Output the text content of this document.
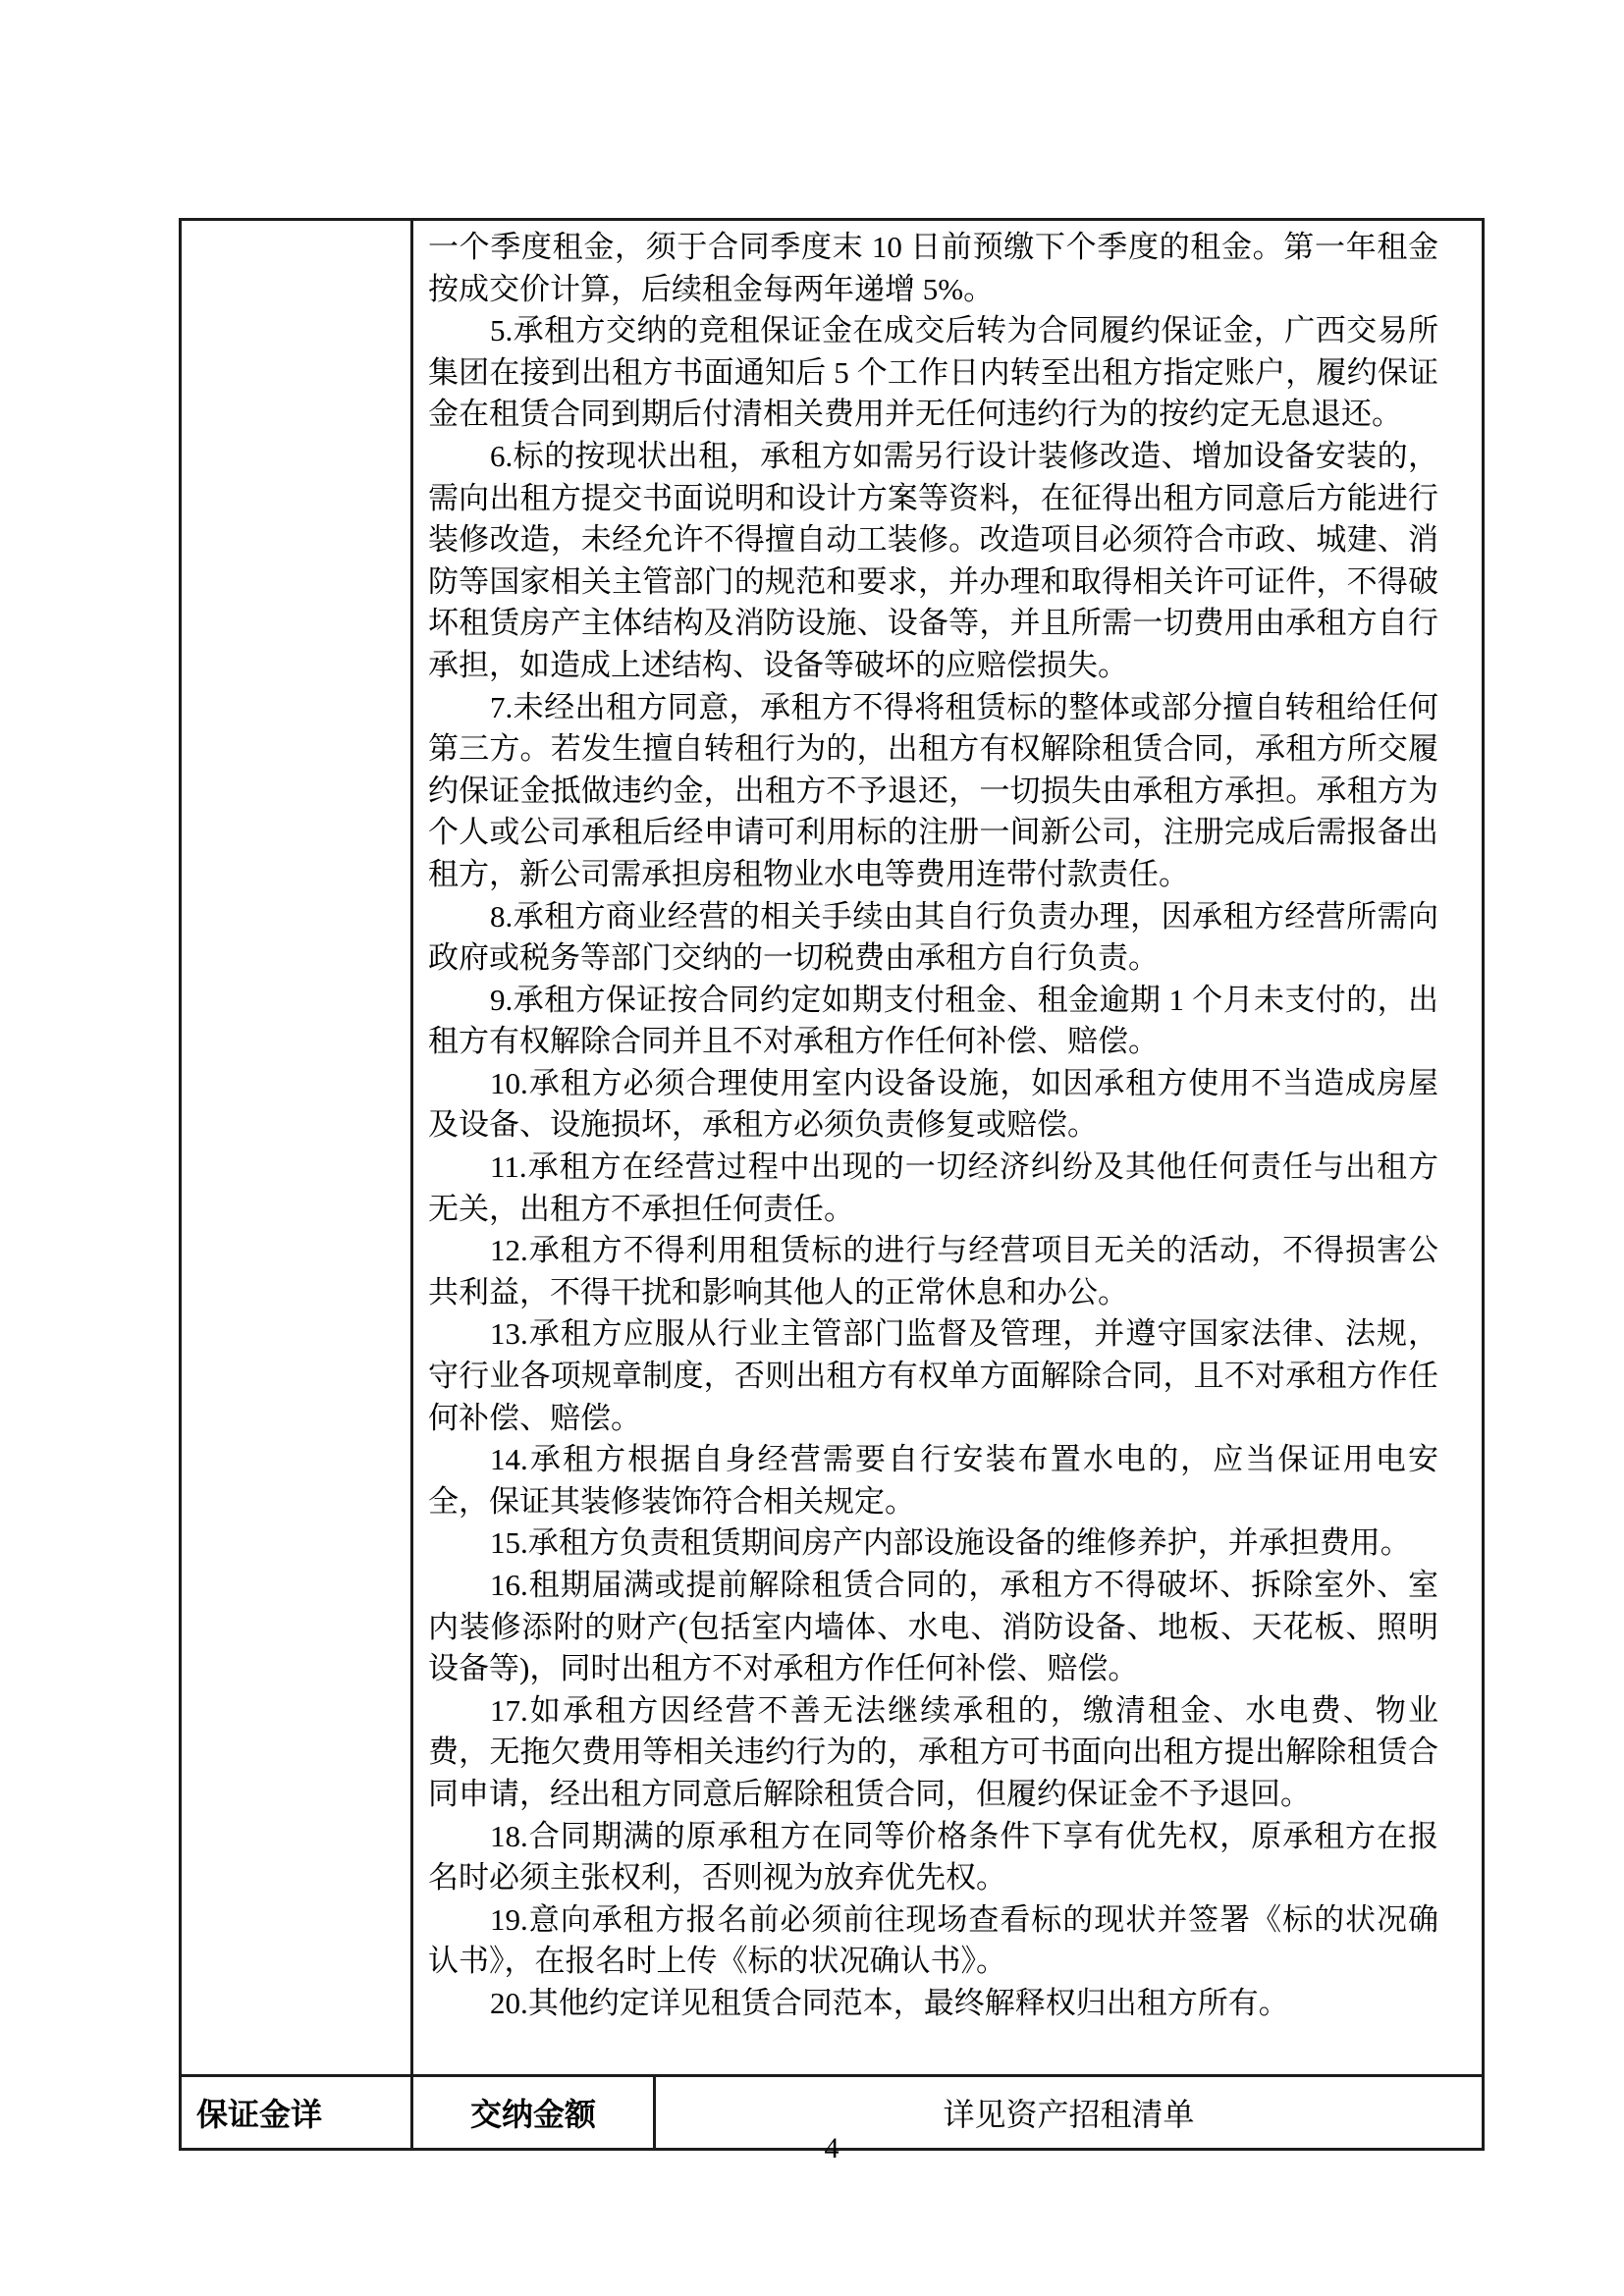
一个季度租金，须于合同季度末 10 日前预缴下个季度的租金。第一年租金按成交价计算，后续租金每两年递增 5%。

5.承租方交纳的竞租保证金在成交后转为合同履约保证金，广西交易所集团在接到出租方书面通知后 5 个工作日内转至出租方指定账户，履约保证金在租赁合同到期后付清相关费用并无任何违约行为的按约定无息退还。

6.标的按现状出租，承租方如需另行设计装修改造、增加设备安装的，需向出租方提交书面说明和设计方案等资料，在征得出租方同意后方能进行装修改造，未经允许不得擅自动工装修。改造项目必须符合市政、城建、消防等国家相关主管部门的规范和要求，并办理和取得相关许可证件，不得破坏租赁房产主体结构及消防设施、设备等，并且所需一切费用由承租方自行承担，如造成上述结构、设备等破坏的应赔偿损失。

7.未经出租方同意，承租方不得将租赁标的整体或部分擅自转租给任何第三方。若发生擅自转租行为的，出租方有权解除租赁合同，承租方所交履约保证金抵做违约金，出租方不予退还，一切损失由承租方承担。承租方为个人或公司承租后经申请可利用标的注册一间新公司，注册完成后需报备出租方，新公司需承担房租物业水电等费用连带付款责任。

8.承租方商业经营的相关手续由其自行负责办理，因承租方经营所需向政府或税务等部门交纳的一切税费由承租方自行负责。

9.承租方保证按合同约定如期支付租金、租金逾期 1 个月未支付的，出租方有权解除合同并且不对承租方作任何补偿、赔偿。

10.承租方必须合理使用室内设备设施，如因承租方使用不当造成房屋及设备、设施损坏，承租方必须负责修复或赔偿。

11.承租方在经营过程中出现的一切经济纠纷及其他任何责任与出租方无关，出租方不承担任何责任。

12.承租方不得利用租赁标的进行与经营项目无关的活动，不得损害公共利益，不得干扰和影响其他人的正常休息和办公。

13.承租方应服从行业主管部门监督及管理，并遵守国家法律、法规，守行业各项规章制度，否则出租方有权单方面解除合同，且不对承租方作任何补偿、赔偿。

14.承租方根据自身经营需要自行安装布置水电的，应当保证用电安全，保证其装修装饰符合相关规定。

15.承租方负责租赁期间房产内部设施设备的维修养护，并承担费用。

16.租期届满或提前解除租赁合同的，承租方不得破坏、拆除室外、室内装修添附的财产(包括室内墙体、水电、消防设备、地板、天花板、照明设备等)，同时出租方不对承租方作任何补偿、赔偿。

17.如承租方因经营不善无法继续承租的，缴清租金、水电费、物业费，无拖欠费用等相关违约行为的，承租方可书面向出租方提出解除租赁合同申请，经出租方同意后解除租赁合同，但履约保证金不予退回。

18.合同期满的原承租方在同等价格条件下享有优先权，原承租方在报名时必须主张权利，否则视为放弃优先权。

19.意向承租方报名前必须前往现场查看标的现状并签署《标的状况确认书》，在报名时上传《标的状况确认书》。

20.其他约定详见租赁合同范本，最终解释权归出租方所有。

保证金详	交纳金额	详见资产招租清单
4
